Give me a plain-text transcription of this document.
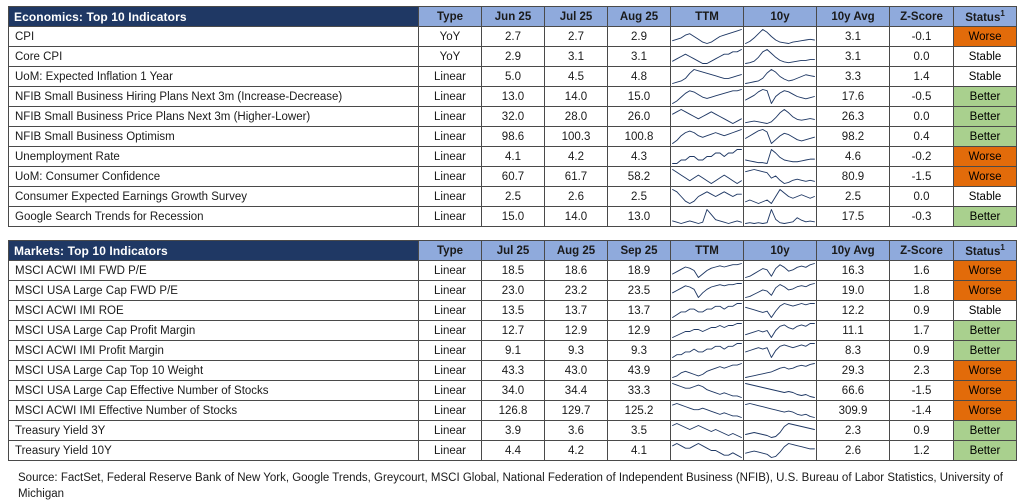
Economics: Top 10 Indicators	Type	Jun 25	Jul 25	Aug 25	TTM	10y	10y Avg	Z-Score	Status$^1$
CPI	YoY	2.7	2.7	2.9			3.1	-0.1	Worse
Core CPI	YoY	2.9	3.1	3.1			3.1	0.0	Stable
UoM: Expected Inflation 1 Year	Linear	5.0	4.5	4.8			3.3	1.4	Stable
NFIB Small Business Hiring Plans Next 3m (Increase-Decrease)	Linear	13.0	14.0	15.0			17.6	-0.5	Better
NFIB Small Business Price Plans Next 3m (Higher-Lower)	Linear	32.0	28.0	26.0			26.3	0.0	Better
NFIB Small Business Optimism	Linear	98.6	100.3	100.8			98.2	0.4	Better
Unemployment Rate	Linear	4.1	4.2	4.3			4.6	-0.2	Worse
UoM: Consumer Confidence	Linear	60.7	61.7	58.2			80.9	-1.5	Worse
Consumer Expected Earnings Growth Survey	Linear	2.5	2.6	2.5			2.5	0.0	Stable
Google Search Trends for Recession	Linear	15.0	14.0	13.0			17.5	-0.3	Better
Markets: Top 10 Indicators	Type	Jul 25	Aug 25	Sep 25	TTM	10y	10y Avg	Z-Score	Status$^1$
MSCI ACWI IMI FWD P/E	Linear	18.5	18.6	18.9			16.3	1.6	Worse
MSCI USA Large Cap FWD P/E	Linear	23.0	23.2	23.5			19.0	1.8	Worse
MSCI ACWI IMI ROE	Linear	13.5	13.7	13.7			12.2	0.9	Stable
MSCI USA Large Cap Profit Margin	Linear	12.7	12.9	12.9			11.1	1.7	Better
MSCI ACWI IMI Profit Margin	Linear	9.1	9.3	9.3			8.3	0.9	Better
MSCI USA Large Cap Top 10 Weight	Linear	43.3	43.0	43.9			29.3	2.3	Worse
MSCI USA Large Cap Effective Number of Stocks	Linear	34.0	34.4	33.3			66.6	-1.5	Worse
MSCI ACWI IMI Effective Number of Stocks	Linear	126.8	129.7	125.2			309.9	-1.4	Worse
Treasury Yield 3Y	Linear	3.9	3.6	3.5			2.3	0.9	Better
Treasury Yield 10Y	Linear	4.4	4.2	4.1			2.6	1.2	Better
Source: FactSet, Federal Reserve Bank of New York, Google Trends, Greycourt, MSCI Global, National Federation of Independent Business (NFIB), U.S. Bureau of Labor Statistics, University of Michigan
